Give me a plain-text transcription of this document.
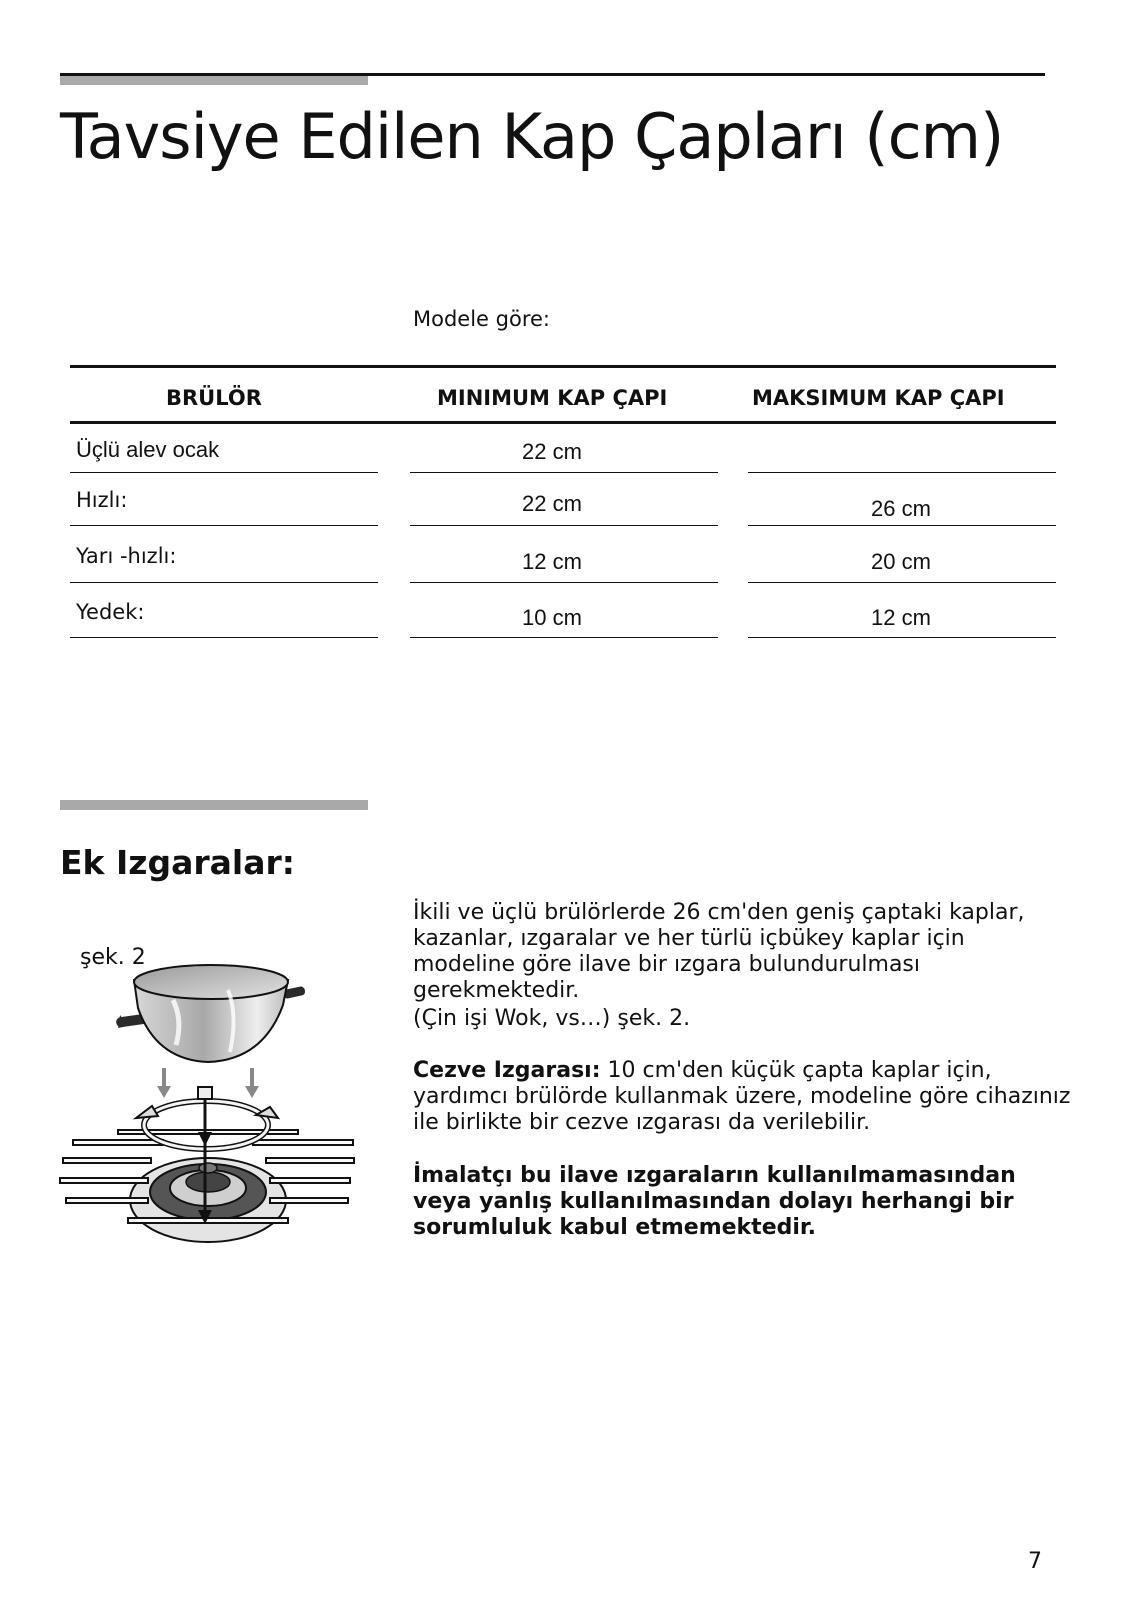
Tavsiye Edilen Kap Çapları (cm)
Modele göre:
BRÜLÖR	MINIMUM KAP ÇAPI	MAKSIMUM KAP ÇAPI
Üçlü alev ocak	22 cm
Hızlı:	22 cm	26 cm
Yarı -hızlı:	12 cm	20 cm
Yedek:	10 cm	12 cm
Ek Izgaralar:
şek. 2

İkili ve üçlü brülörlerde 26 cm'den geniş çaptaki kaplar, kazanlar, ızgaralar ve her türlü içbükey kaplar için modeline göre ilave bir ızgara bulundurulması gerekmektedir.

(Çin işi Wok, vs…) şek. 2.

Cezve Izgarası: 10 cm'den küçük çapta kaplar için, yardımcı brülörde kullanmak üzere, modeline göre cihazınız ile birlikte bir cezve ızgarası da verilebilir.

İmalatçı bu ilave ızgaraların kullanılmamasından veya yanlış kullanılmasından dolayı herhangi bir sorumluluk kabul etmemektedir.

7
